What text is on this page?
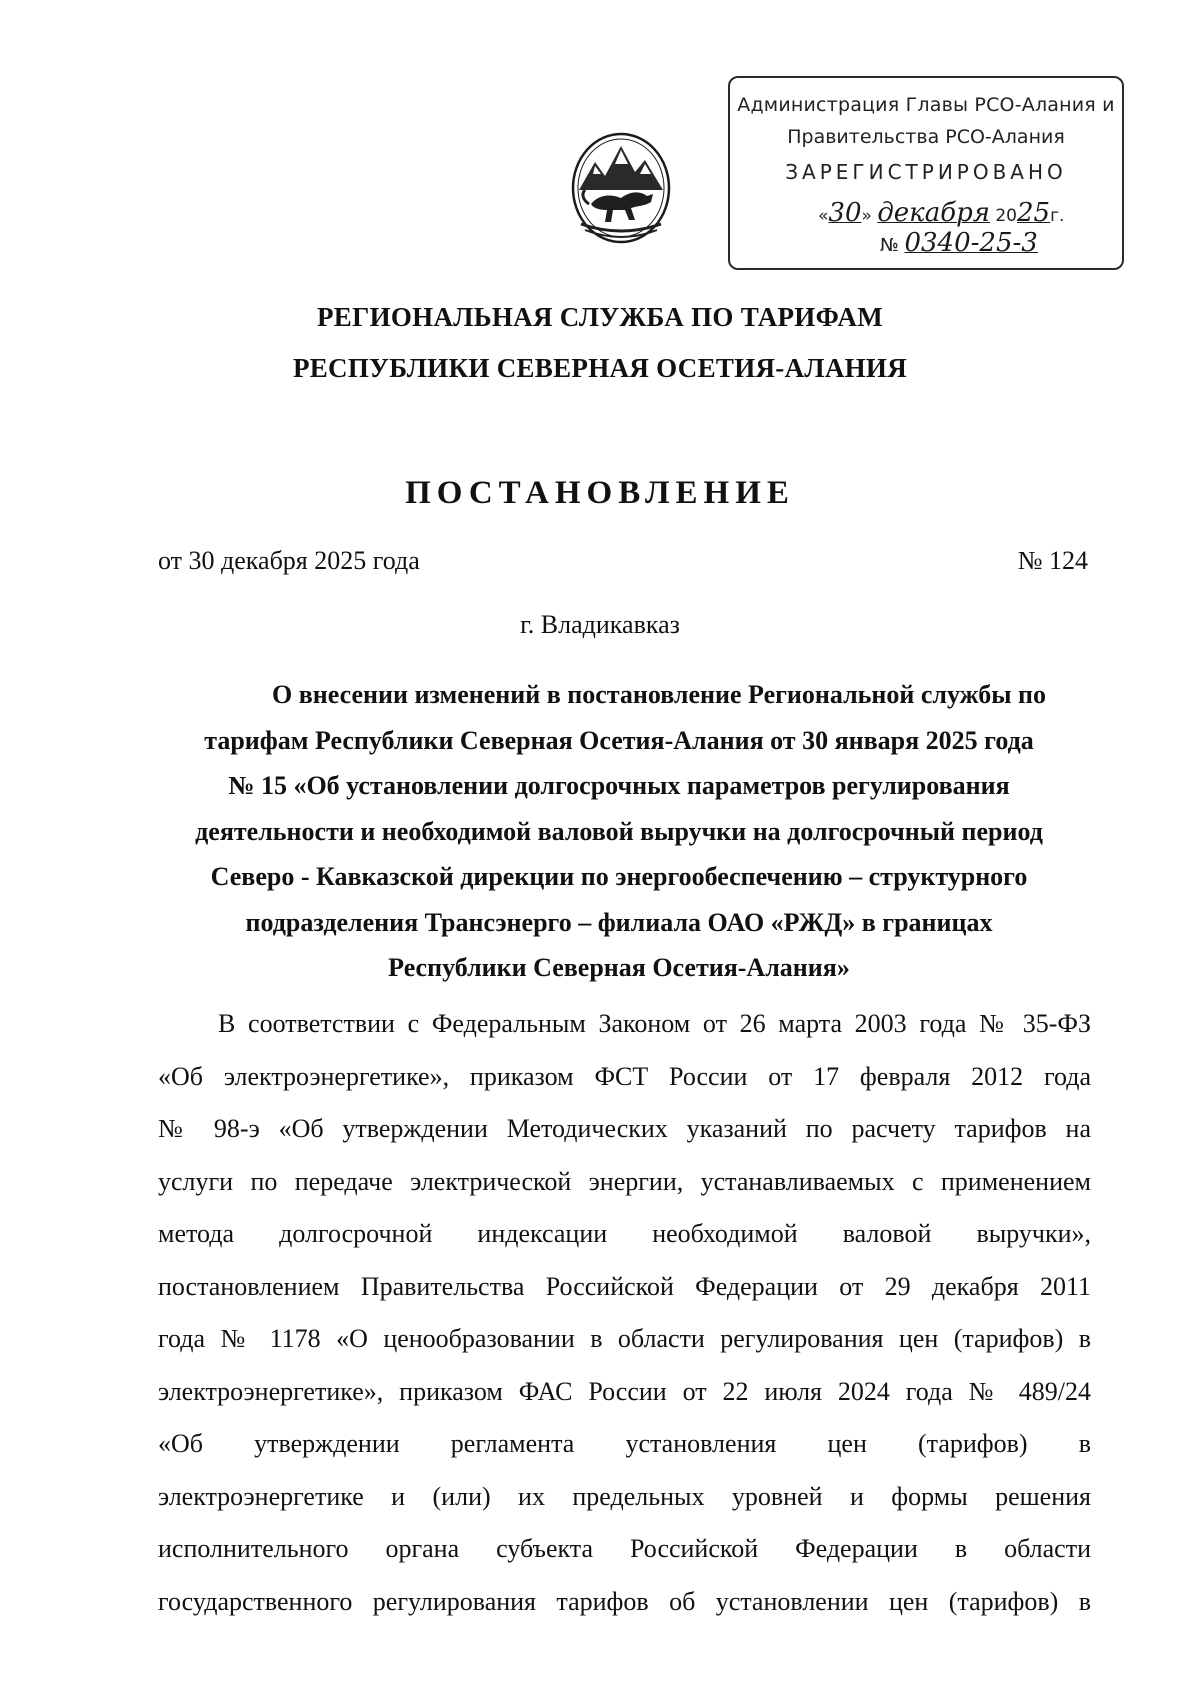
Администрация Главы РСО-Алания и
Правительства РСО-Алания
ЗАРЕГИСТРИРОВАНО
«30» декабря 2025г.
№ 0340-25-3
РЕГИОНАЛЬНАЯ СЛУЖБА ПО ТАРИФАМ
РЕСПУБЛИКИ СЕВЕРНАЯ ОСЕТИЯ-АЛАНИЯ
ПОСТАНОВЛЕНИЕ
от 30 декабря 2025 года	№ 124
г. Владикавказ
О внесении изменений в постановление Региональной службы по
тарифам Республики Северная Осетия-Алания от 30 января 2025 года
№ 15 «Об установлении долгосрочных параметров регулирования
деятельности и необходимой валовой выручки на долгосрочный период
Северо - Кавказской дирекции по энергообеспечению – структурного
подразделения Трансэнерго – филиала ОАО «РЖД» в границах
Республики Северная Осетия-Алания»
В соответствии с Федеральным Законом от 26 марта 2003 года № 35-ФЗ
«Об электроэнергетике», приказом ФСТ России от 17 февраля 2012 года
№ 98-э «Об утверждении Методических указаний по расчету тарифов на
услуги по передаче электрической энергии, устанавливаемых с применением
метода долгосрочной индексации необходимой валовой выручки»,
постановлением Правительства Российской Федерации от 29 декабря 2011
года № 1178 «О ценообразовании в области регулирования цен (тарифов) в
электроэнергетике», приказом ФАС России от 22 июля 2024 года № 489/24
«Об утверждении регламента установления цен (тарифов) в
электроэнергетике и (или) их предельных уровней и формы решения
исполнительного органа субъекта Российской Федерации в области
государственного регулирования тарифов об установлении цен (тарифов) в
